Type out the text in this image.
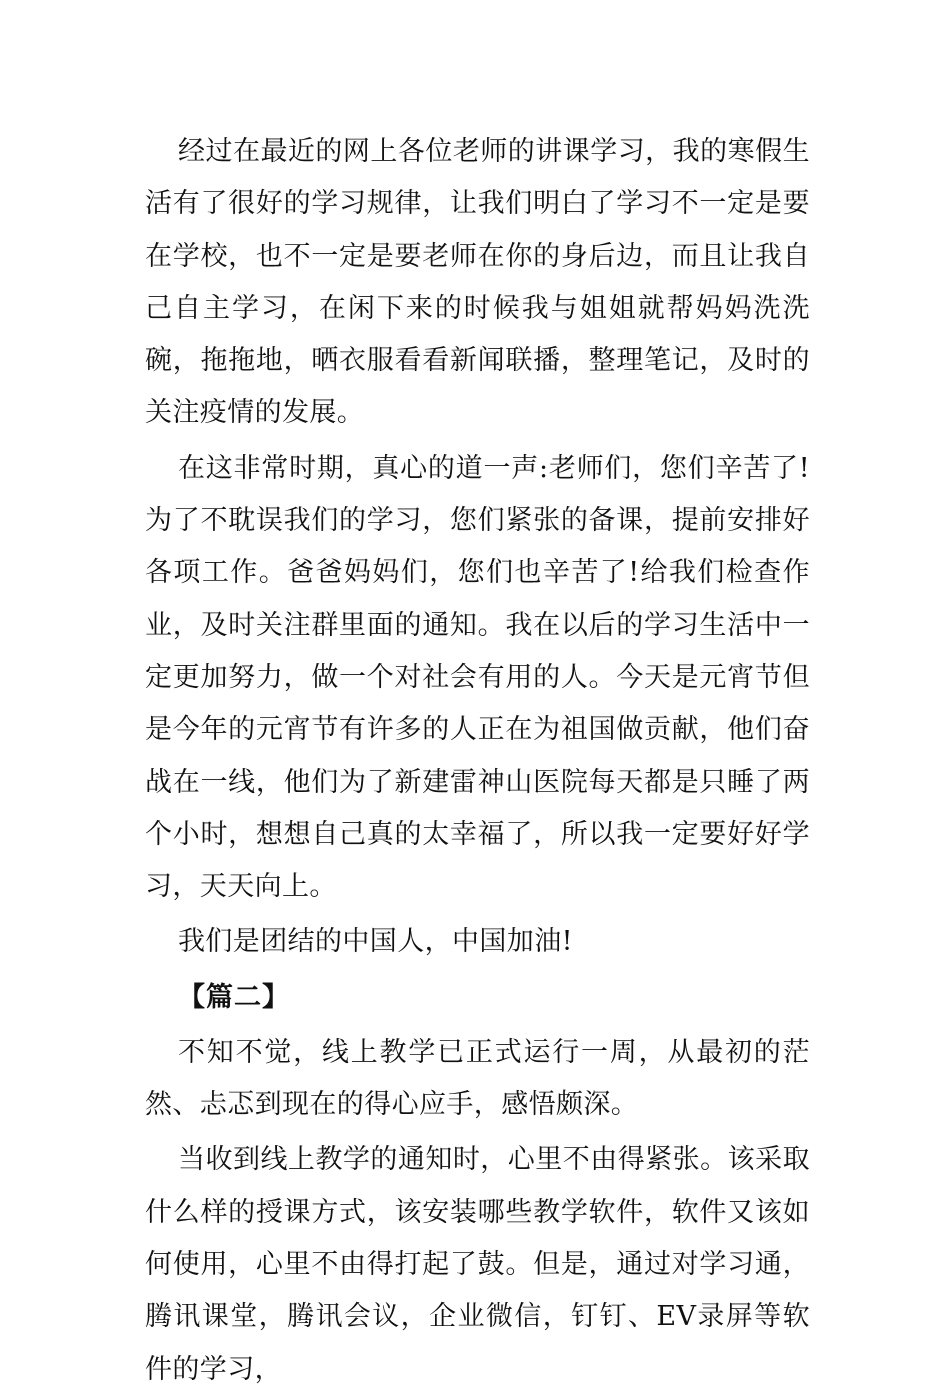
经过在最近的网上各位老师的讲课学习，我的寒假生活有了很好的学习规律，让我们明白了学习不一定是要在学校，也不一定是要老师在你的身后边，而且让我自己自主学习，在闲下来的时候我与姐姐就帮妈妈洗洗碗，拖拖地，晒衣服看看新闻联播，整理笔记，及时的关注疫情的发展。

在这非常时期，真心的道一声:老师们，您们辛苦了!为了不耽误我们的学习，您们紧张的备课，提前安排好各项工作。爸爸妈妈们，您们也辛苦了!给我们检查作业，及时关注群里面的通知。我在以后的学习生活中一定更加努力，做一个对社会有用的人。今天是元宵节但是今年的元宵节有许多的人正在为祖国做贡献，他们奋战在一线，他们为了新建雷神山医院每天都是只睡了两个小时，想想自己真的太幸福了，所以我一定要好好学习，天天向上。

我们是团结的中国人，中国加油!

【篇二】

不知不觉，线上教学已正式运行一周，从最初的茫然、忐忑到现在的得心应手，感悟颇深。

当收到线上教学的通知时，心里不由得紧张。该采取什么样的授课方式，该安装哪些教学软件，软件又该如何使用，心里不由得打起了鼓。但是，通过对学习通，腾讯课堂，腾讯会议，企业微信，钉钉、EV录屏等软件的学习，
